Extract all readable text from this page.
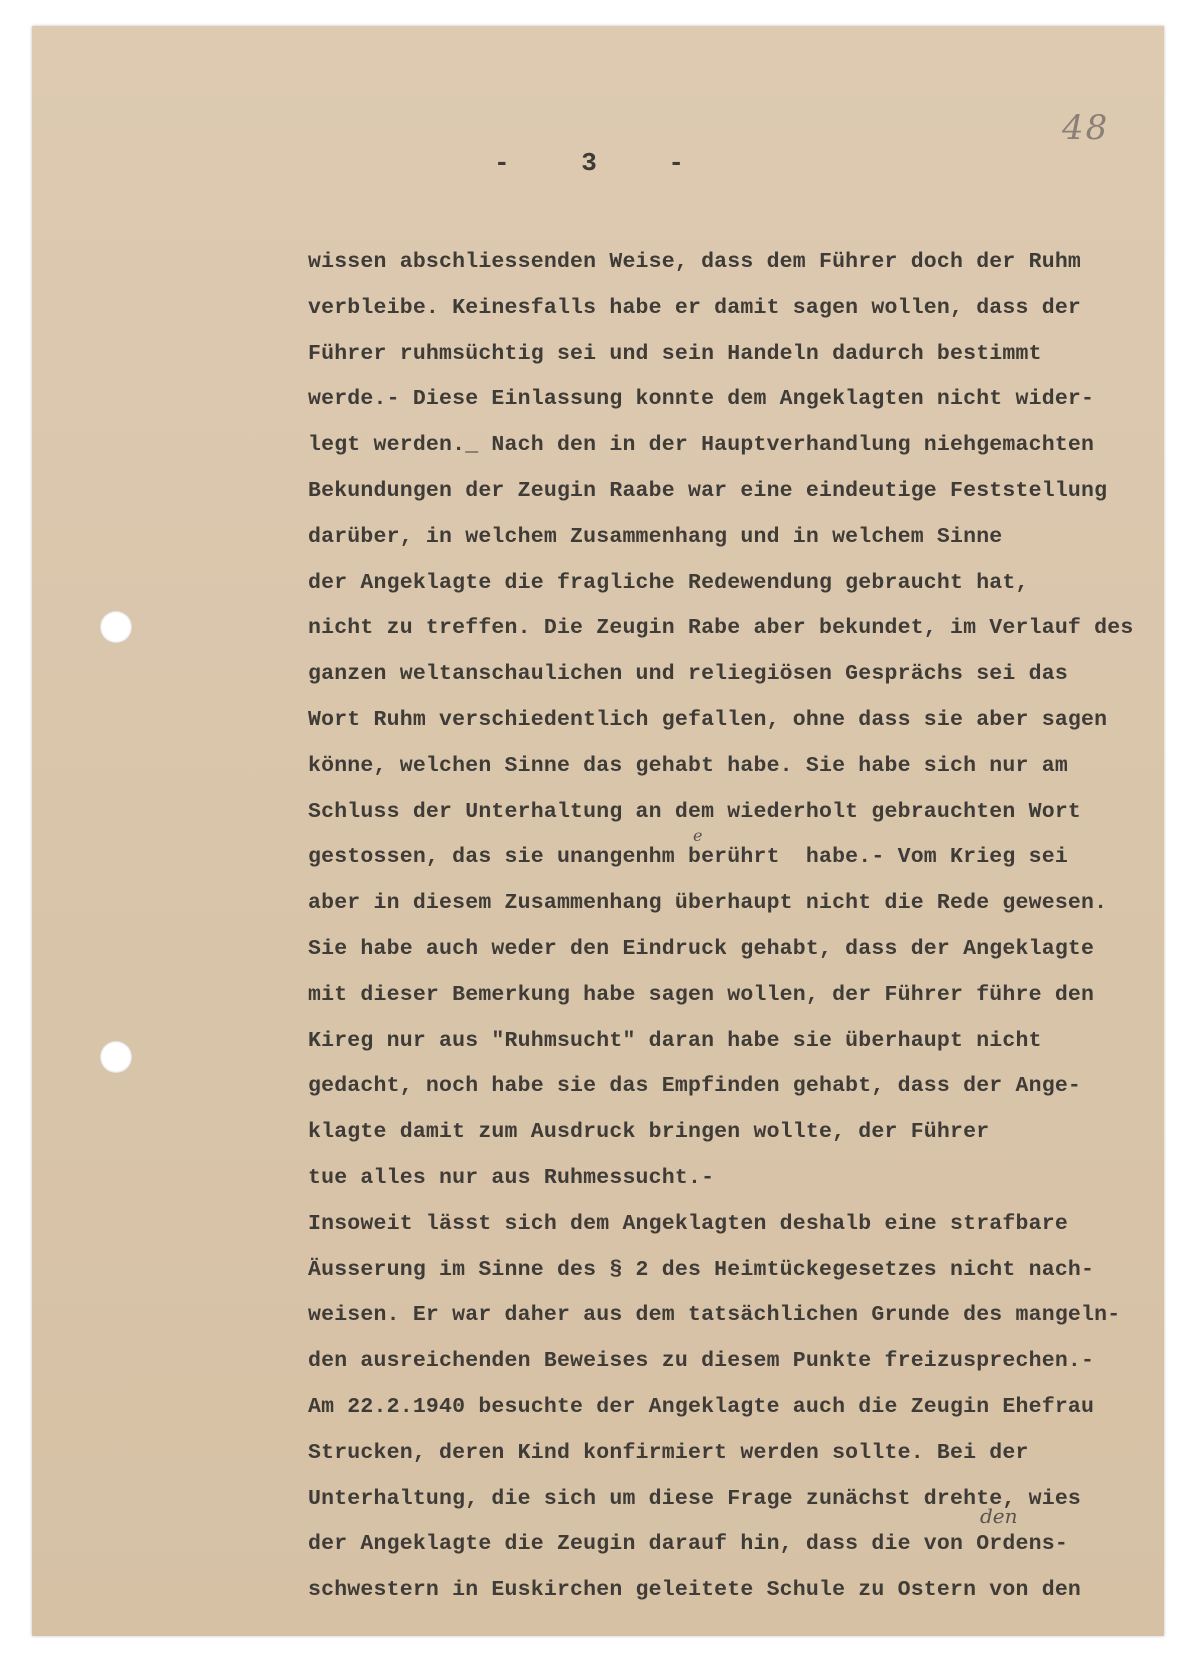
48
- 3 -
wissen abschliessenden Weise, dass dem Führer doch der Ruhm
verbleibe. Keinesfalls habe er damit sagen wollen, dass der
Führer ruhmsüchtig sei und sein Handeln dadurch bestimmt
werde.- Diese Einlassung konnte dem Angeklagten nicht wider-
legt werden._ Nach den in der Hauptverhandlung niehgemachten
Bekundungen der Zeugin Raabe war eine eindeutige Feststellung
darüber, in welchem Zusammenhang und in welchem Sinne
der Angeklagte die fragliche Redewendung gebraucht hat,
nicht zu treffen. Die Zeugin Rabe aber bekundet, im Verlauf des
ganzen weltanschaulichen und reliegiösen Gesprächs sei das
Wort Ruhm verschiedentlich gefallen, ohne dass sie aber sagen
könne, welchen Sinne das gehabt habe. Sie habe sich nur am
Schluss der Unterhaltung an dem wiederholt gebrauchten Wort
gestossen, das sie unangenhm berührt  habe.- Vom Krieg sei
aber in diesem Zusammenhang überhaupt nicht die Rede gewesen.
Sie habe auch weder den Eindruck gehabt, dass der Angeklagte
mit dieser Bemerkung habe sagen wollen, der Führer führe den
Kireg nur aus "Ruhmsucht" daran habe sie überhaupt nicht
gedacht, noch habe sie das Empfinden gehabt, dass der Ange-
klagte damit zum Ausdruck bringen wollte, der Führer
tue alles nur aus Ruhmessucht.-
Insoweit lässt sich dem Angeklagten deshalb eine strafbare
Äusserung im Sinne des § 2 des Heimtückegesetzes nicht nach-
weisen. Er war daher aus dem tatsächlichen Grunde des mangeln-
den ausreichenden Beweises zu diesem Punkte freizusprechen.-
Am 22.2.1940 besuchte der Angeklagte auch die Zeugin Ehefrau
Strucken, deren Kind konfirmiert werden sollte. Bei der
Unterhaltung, die sich um diese Frage zunächst drehte, wies
der Angeklagte die Zeugin darauf hin, dass die von Ordens-
schwestern in Euskirchen geleitete Schule zu Ostern von den
den
e
